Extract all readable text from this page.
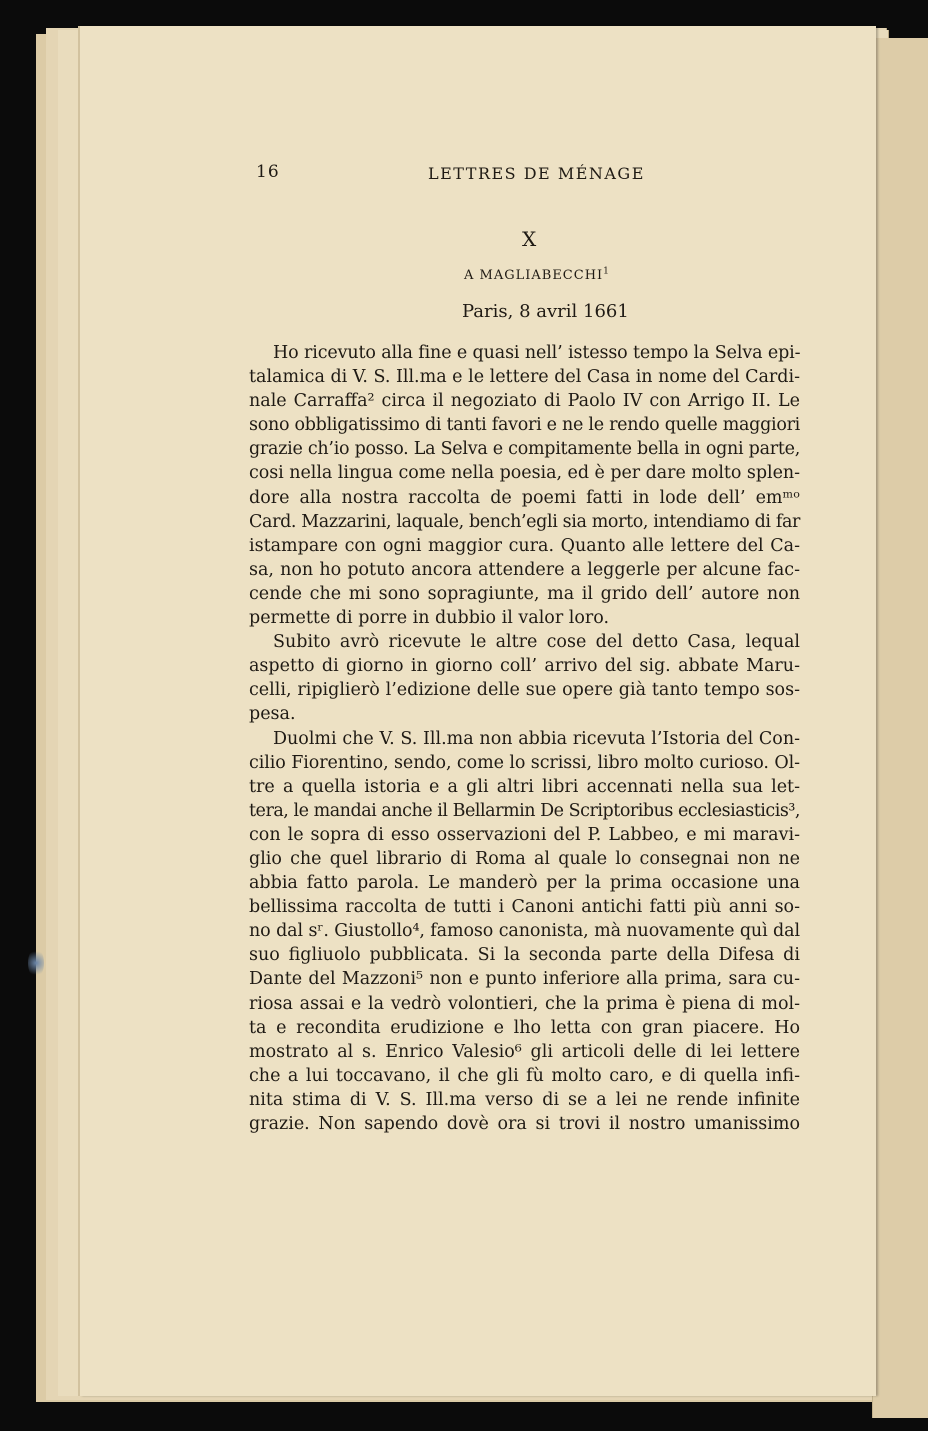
16	LETTRES DE MÉNAGE
X
A MAGLIABECCHI$^1$
Paris, 8 avril 1661
Ho ricevuto alla fine e quasi nell’ istesso tempo la Selva epi-
talamica di V. S. Ill.ma e le lettere del Casa in nome del Cardi-
nale Carraffa² circa il negoziato di Paolo IV con Arrigo II. Le
sono obbligatissimo di tanti favori e ne le rendo quelle maggiori
grazie ch’io posso. La Selva e compitamente bella in ogni parte,
cosi nella lingua come nella poesia, ed è per dare molto splen-
dore alla nostra raccolta de poemi fatti in lode dell’ emᵐᵒ
Card. Mazzarini, laquale, bench’egli sia morto, intendiamo di far
istampare con ogni maggior cura. Quanto alle lettere del Ca-
sa, non ho potuto ancora attendere a leggerle per alcune fac-
cende che mi sono sopragiunte, ma il grido dell’ autore non
permette di porre in dubbio il valor loro.
Subito avrò ricevute le altre cose del detto Casa, lequal
aspetto di giorno in giorno coll’ arrivo del sig. abbate Maru-
celli, ripiglierò l’edizione delle sue opere già tanto tempo sos-
pesa.
Duolmi che V. S. Ill.ma non abbia ricevuta l’Istoria del Con-
cilio Fiorentino, sendo, come lo scrissi, libro molto curioso. Ol-
tre a quella istoria e a gli altri libri accennati nella sua let-
tera, le mandai anche il Bellarmin De Scriptoribus ecclesiasticis³,
con le sopra di esso osservazioni del P. Labbeo, e mi maravi-
glio che quel librario di Roma al quale lo consegnai non ne
abbia fatto parola. Le manderò per la prima occasione una
bellissima raccolta de tutti i Canoni antichi fatti più anni so-
no dal sʳ. Giustollo⁴, famoso canonista, mà nuovamente quì dal
suo figliuolo pubblicata. Si la seconda parte della Difesa di
Dante del Mazzoni⁵ non e punto inferiore alla prima, sara cu-
riosa assai e la vedrò volontieri, che la prima è piena di mol-
ta e recondita erudizione e lho letta con gran piacere. Ho
mostrato al s. Enrico Valesio⁶ gli articoli delle di lei lettere
che a lui toccavano, il che gli fù molto caro, e di quella infi-
nita stima di V. S. Ill.ma verso di se a lei ne rende infinite
grazie. Non sapendo dovè ora si trovi il nostro umanissimo
